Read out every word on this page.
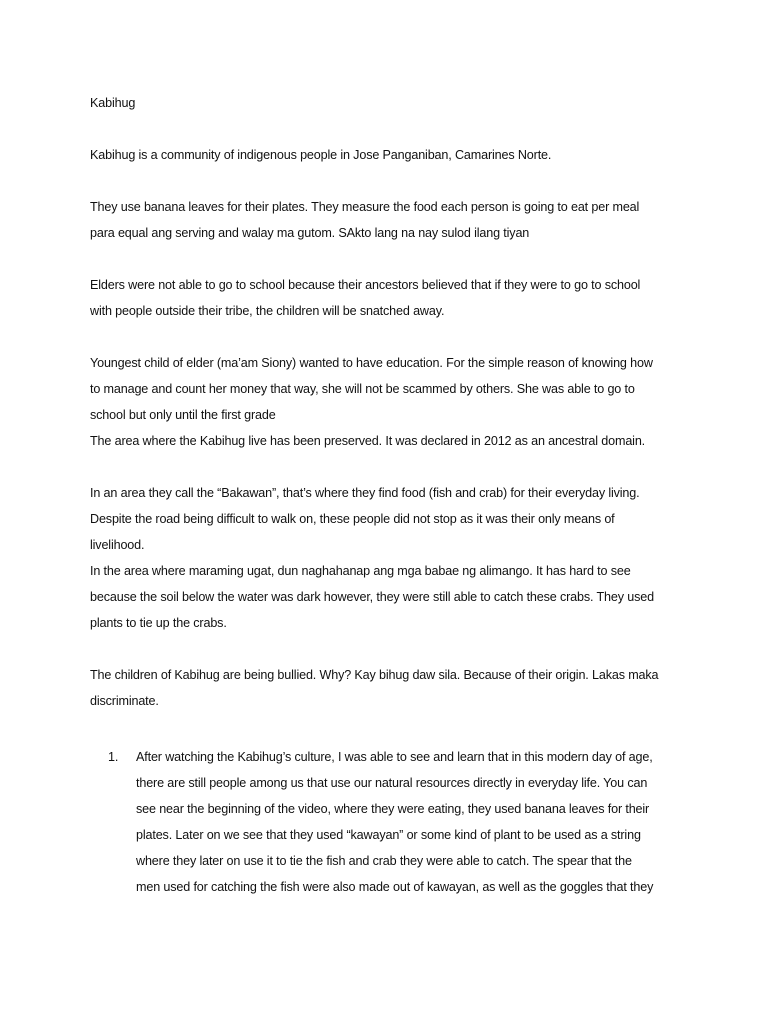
Kabihug
Kabihug is a community of indigenous people in Jose Panganiban, Camarines Norte.
They use banana leaves for their plates. They measure the food each person is going to eat per meal
para equal ang serving and walay ma gutom. SAkto lang na nay sulod ilang tiyan
Elders were not able to go to school because their ancestors believed that if they were to go to school
with people outside their tribe, the children will be snatched away.
Youngest child of elder (ma’am Siony) wanted to have education. For the simple reason of knowing how
to manage and count her money that way, she will not be scammed by others. She was able to go to
school but only until the first grade
The area where the Kabihug live has been preserved. It was declared in 2012 as an ancestral domain.
In an area they call the “Bakawan”, that’s where they find food (fish and crab) for their everyday living.
Despite the road being difficult to walk on, these people did not stop as it was their only means of
livelihood.
In the area where maraming ugat, dun naghahanap ang mga babae ng alimango. It has hard to see
because the soil below the water was dark however, they were still able to catch these crabs. They used
plants to tie up the crabs.
The children of Kabihug are being bullied. Why? Kay bihug daw sila. Because of their origin. Lakas maka
discriminate.
1. After watching the Kabihug’s culture, I was able to see and learn that in this modern day of age,
there are still people among us that use our natural resources directly in everyday life. You can
see near the beginning of the video, where they were eating, they used banana leaves for their
plates. Later on we see that they used “kawayan” or some kind of plant to be used as a string
where they later on use it to tie the fish and crab they were able to catch. The spear that the
men used for catching the fish were also made out of kawayan, as well as the goggles that they
